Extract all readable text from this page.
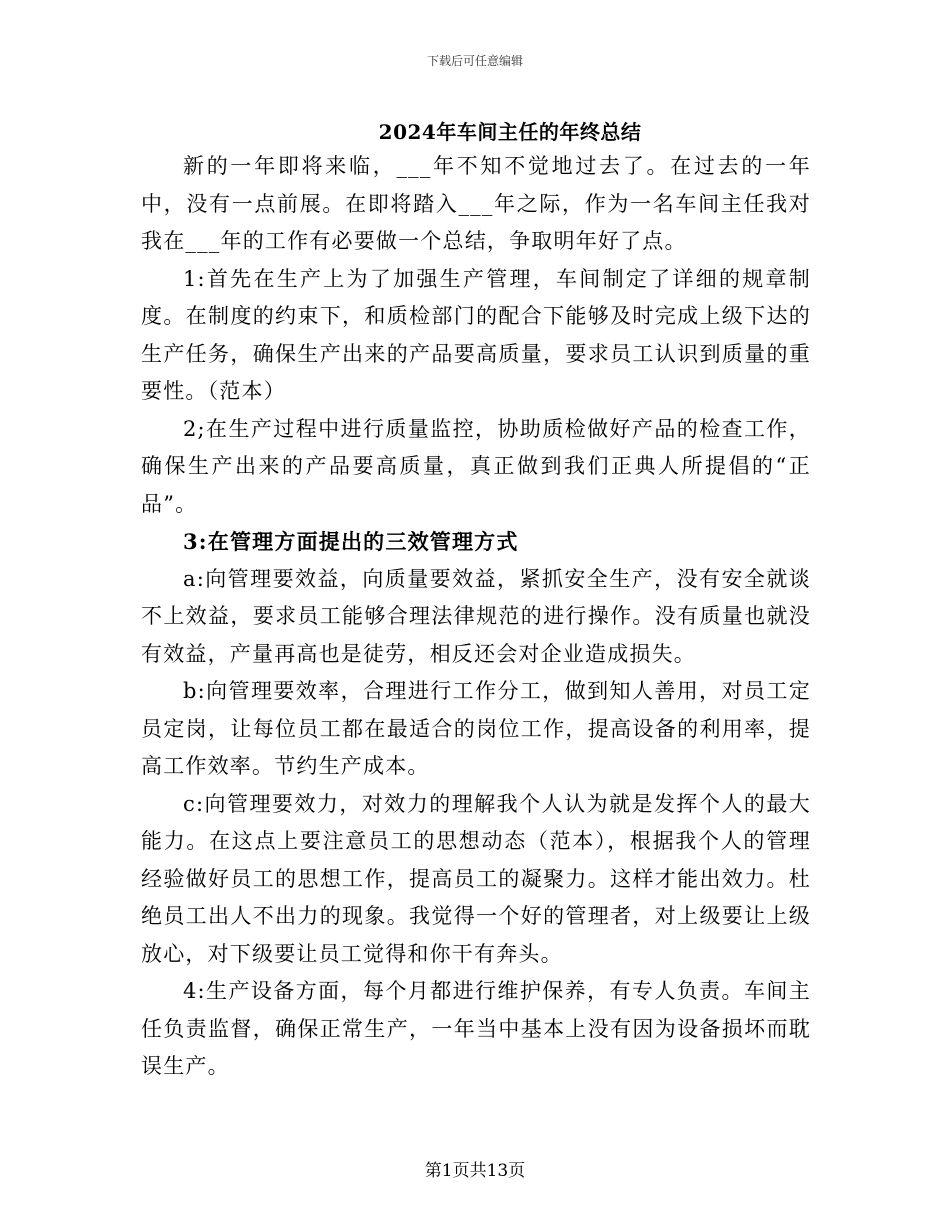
下载后可任意编辑
2024年车间主任的年终总结

新的一年即将来临，___年不知不觉地过去了。在过去的一年中，没有一点前展。在即将踏入___年之际，作为一名车间主任我对我在___年的工作有必要做一个总结，争取明年好了点。

1:首先在生产上为了加强生产管理，车间制定了详细的规章制度。在制度的约束下，和质检部门的配合下能够及时完成上级下达的生产任务，确保生产出来的产品要高质量，要求员工认识到质量的重要性。（范本）

2;在生产过程中进行质量监控，协助质检做好产品的检查工作，确保生产出来的产品要高质量，真正做到我们正典人所提倡的“正品”。

3:在管理方面提出的三效管理方式

a:向管理要效益，向质量要效益，紧抓安全生产，没有安全就谈不上效益，要求员工能够合理法律规范的进行操作。没有质量也就没有效益，产量再高也是徒劳，相反还会对企业造成损失。

b:向管理要效率，合理进行工作分工，做到知人善用，对员工定员定岗，让每位员工都在最适合的岗位工作，提高设备的利用率，提高工作效率。节约生产成本。

c:向管理要效力，对效力的理解我个人认为就是发挥个人的最大能力。在这点上要注意员工的思想动态（范本），根据我个人的管理经验做好员工的思想工作，提高员工的凝聚力。这样才能出效力。杜绝员工出人不出力的现象。我觉得一个好的管理者，对上级要让上级放心，对下级要让员工觉得和你干有奔头。

4:生产设备方面，每个月都进行维护保养，有专人负责。车间主任负责监督，确保正常生产，一年当中基本上没有因为设备损坏而耽误生产。

第1页共13页
